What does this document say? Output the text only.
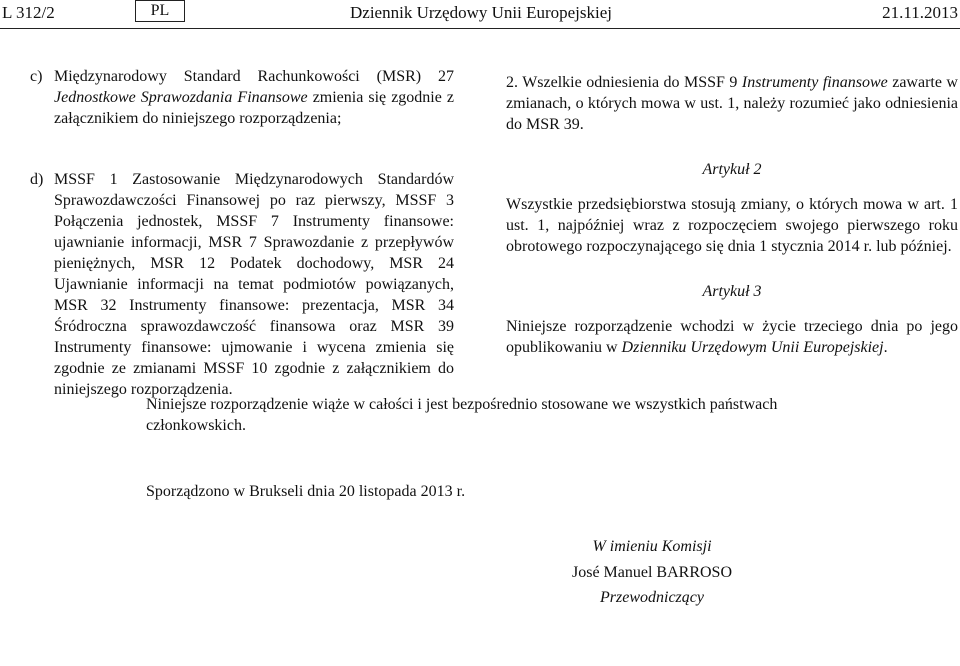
L 312/2	PL	Dziennik Urzędowy Unii Europejskiej	21.11.2013
c) Międzynarodowy Standard Rachunkowości (MSR) 27 Jednostkowe Sprawozdania Finansowe zmienia się zgodnie z załącznikiem do niniejszego rozporządzenia;
d) MSSF 1 Zastosowanie Międzynarodowych Standardów Sprawozdawczości Finansowej po raz pierwszy, MSSF 3 Połączenia jednostek, MSSF 7 Instrumenty finansowe: ujawnianie informacji, MSR 7 Sprawozdanie z przepływów pieniężnych, MSR 12 Podatek dochodowy, MSR 24 Ujawnianie informacji na temat podmiotów powiązanych, MSR 32 Instrumenty finansowe: prezentacja, MSR 34 Śródroczna sprawozdawczość finansowa oraz MSR 39 Instrumenty finansowe: ujmowanie i wycena zmienia się zgodnie ze zmianami MSSF 10 zgodnie z załącznikiem do niniejszego rozporządzenia.

2. Wszelkie odniesienia do MSSF 9 Instrumenty finansowe zawarte w zmianach, o których mowa w ust. 1, należy rozumieć jako odniesienia do MSR 39.

Artykuł 2

Wszystkie przedsiębiorstwa stosują zmiany, o których mowa w art. 1 ust. 1, najpóźniej wraz z rozpoczęciem swojego pierwszego roku obrotowego rozpoczynającego się dnia 1 stycznia 2014 r. lub później.

Artykuł 3

Niniejsze rozporządzenie wchodzi w życie trzeciego dnia po jego opublikowaniu w Dzienniku Urzędowym Unii Europejskiej.

Niniejsze rozporządzenie wiąże w całości i jest bezpośrednio stosowane we wszystkich państwach członkowskich.
Sporządzono w Brukseli dnia 20 listopada 2013 r.
W imieniu Komisji
José Manuel BARROSO
Przewodniczący
